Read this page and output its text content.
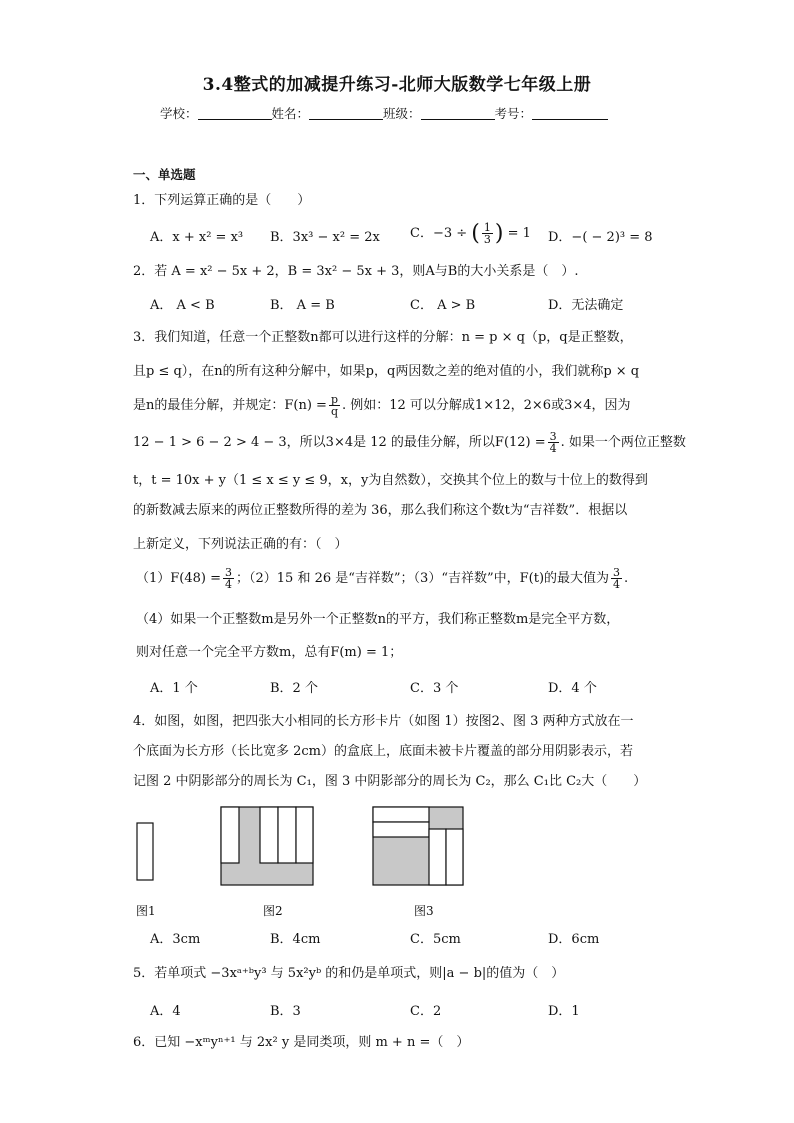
3.4整式的加减提升练习-北师大版数学七年级上册
学校：	姓名：	班级：	考号：
一、单选题
1．下列运算正确的是（　　）
A．x + x² = x³ B．3x³ − x² = 2x C．−3 ÷ ( $\frac{1}{3}$ ) = 1 D．−( − 2)³ = 8
2．若 A = x² − 5x + 2，B = 3x² − 5x + 3，则A与B的大小关系是（　）.
A． A < B	B． A = B	C． A > B	D．无法确定
3．我们知道，任意一个正整数n都可以进行这样的分解：n = p × q（p，q是正整数，
且p ≤ q），在n的所有这种分解中，如果p，q两因数之差的绝对值的小，我们就称p × q
是n的最佳分解，并规定：$F(n) = \frac{p}{q}$ . 例如：12 可以分解成1×12，2×6或3×4，因为
12 − 1 > 6 − 2 > 4 − 3，所以3×4是 12 的最佳分解，所以$F(12) = \frac{3}{4}$ . 如果一个两位正整数
t，t = 10x + y（1 ≤ x ≤ y ≤ 9，x，y为自然数），交换其个位上的数与十位上的数得到
的新数减去原来的两位正整数所得的差为 36，那么我们称这个数t为“吉祥数”．根据以
上新定义，下列说法正确的有：（　）
$(1)F(48) = \frac{3}{4}$ ；（2）15 和 26 是“吉祥数”；（3）“吉祥数”中，F(t)的最大值为 $\frac{3}{4}$ .
（4）如果一个正整数m是另外一个正整数n的平方，我们称正整数m是完全平方数，
则对任意一个完全平方数m，总有F(m) = 1；
A．1 个	B．2 个	C．3 个	D．4 个
4．如图，如图，把四张大小相同的长方形卡片（如图 1）按图2、图 3 两种方式放在一
个底面为长方形（长比宽多 2cm）的盒底上，底面未被卡片覆盖的部分用阴影表示，若
记图 2 中阴影部分的周长为 C₁，图 3 中阴影部分的周长为 C₂，那么 C₁比 C₂大（　　）
图1	图2	图3
A．3cm	B．4cm	C．5cm	D．6cm
5．若单项式 −3xᵃ⁺ᵇy³ 与 5x²yᵇ 的和仍是单项式，则|a − b|的值为（　）
A．4	B．3	C．2	D．1
6．已知 −xᵐyⁿ⁺¹ 与 2x² y 是同类项，则 m + n =（　）
